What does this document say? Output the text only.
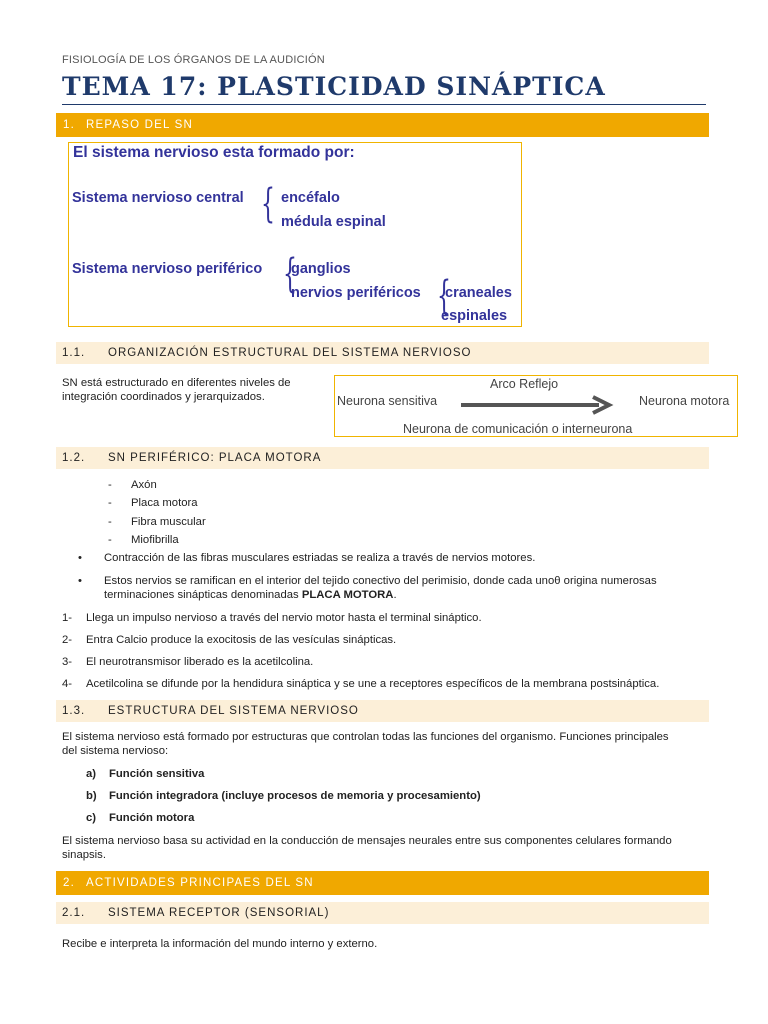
FISIOLOGÍA DE LOS ÓRGANOS DE LA AUDICIÓN
TEMA 17: PLASTICIDAD SINÁPTICA
1. REPASO DEL SN
El sistema nervioso esta formado por:
Sistema nervioso central { encéfalo
médula espinal
Sistema nervioso periférico {
ganglios
nervios periféricos {
craneales
espinales
1.1. ORGANIZACIÓN ESTRUCTURAL DEL SISTEMA NERVIOSO
SN está estructurado en diferentes niveles de
integración coordinados y jerarquizados.
Arco Reflejo
Neurona sensitiva	Neurona motora
Neurona de comunicación o interneurona
1.2. SN PERIFÉRICO: PLACA MOTORA
- Axón
- Placa motora
- Fibra muscular
- Miofibrilla
• Contracción de las fibras musculares estriadas se realiza a través de nervios motores.
• Estos nervios se ramifican en el interior del tejido conectivo del perimisio, donde cada unoθ origina numerosas
terminaciones sinápticas denominadas PLACA MOTORA.
1- Llega un impulso nervioso a través del nervio motor hasta el terminal sináptico.
2- Entra Calcio produce la exocitosis de las vesículas sinápticas.
3- El neurotransmisor liberado es la acetilcolina.
4- Acetilcolina se difunde por la hendidura sináptica y se une a receptores específicos de la membrana postsináptica.
1.3. ESTRUCTURA DEL SISTEMA NERVIOSO
El sistema nervioso está formado por estructuras que controlan todas las funciones del organismo. Funciones principales
del sistema nervioso:
a) Función sensitiva
b) Función integradora (incluye procesos de memoria y procesamiento)
c) Función motora
El sistema nervioso basa su actividad en la conducción de mensajes neurales entre sus componentes celulares formando
sinapsis.
2. ACTIVIDADES PRINCIPAES DEL SN
2.1. SISTEMA RECEPTOR (SENSORIAL)
Recibe e interpreta la información del mundo interno y externo.
